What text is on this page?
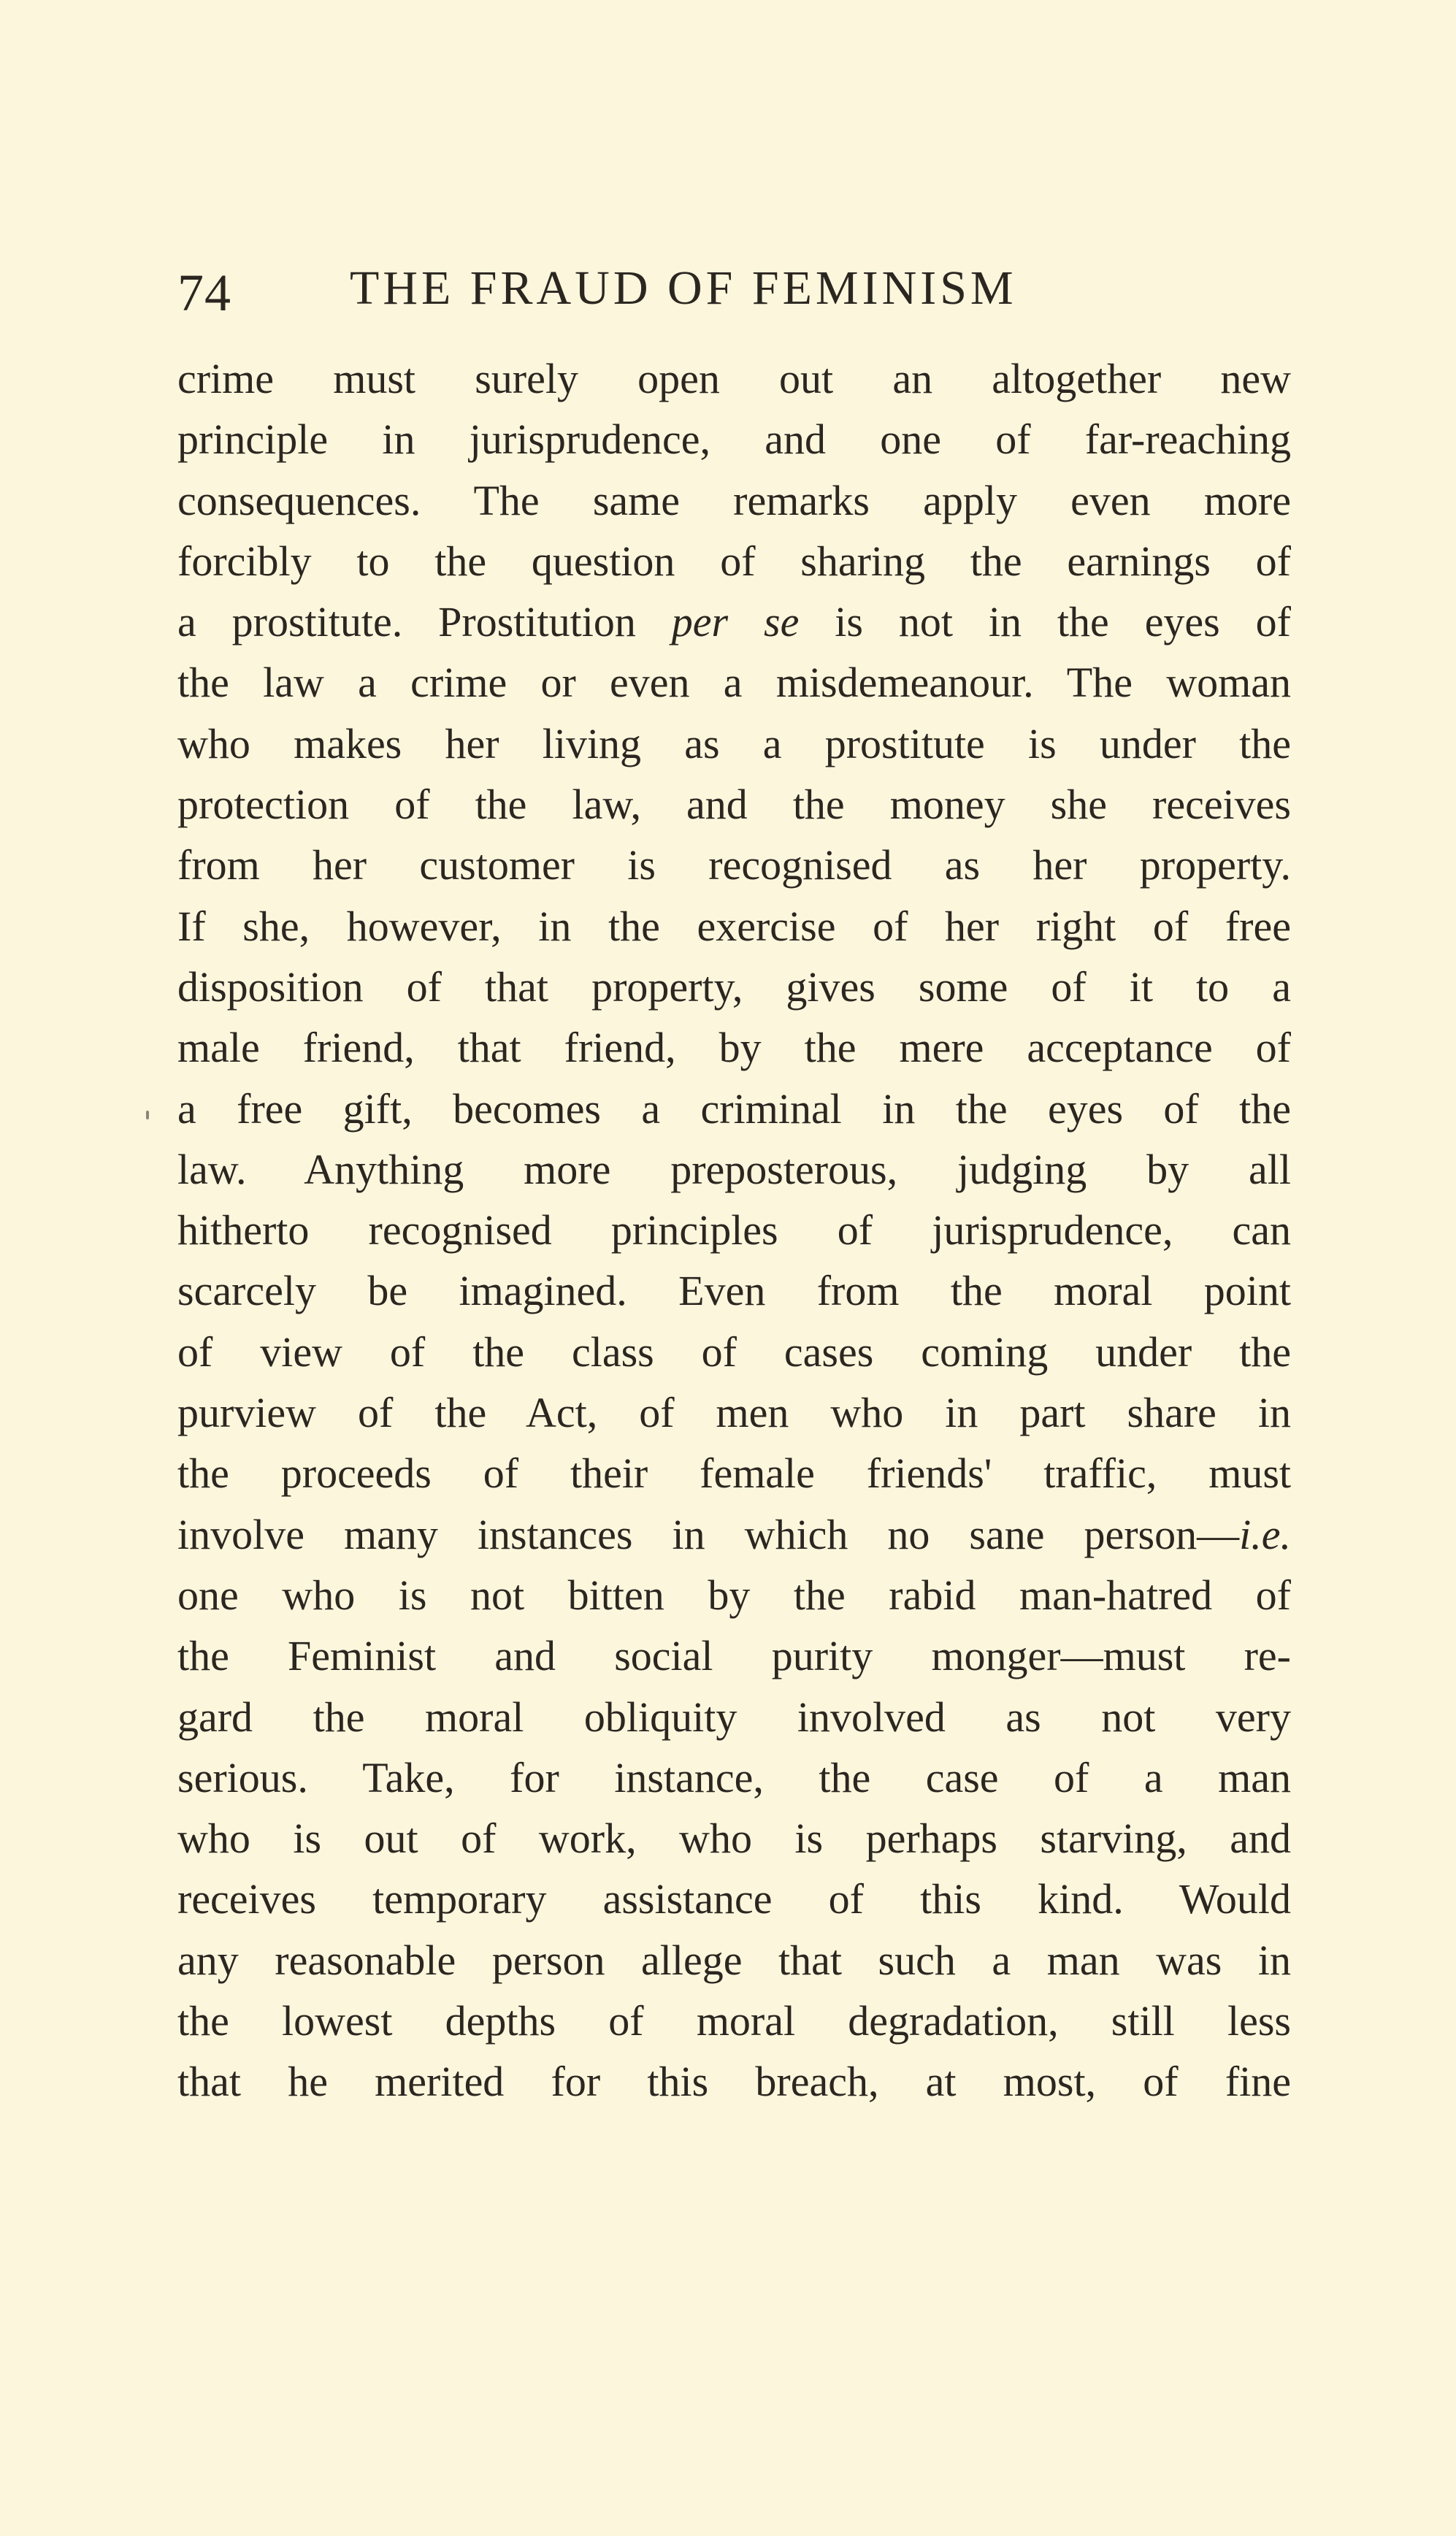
74 THE FRAUD OF FEMINISM
crime must surely open out an altogether new
principle in jurisprudence, and one of far-reaching
consequences. The same remarks apply even more
forcibly to the question of sharing the earnings of
a prostitute. Prostitution per se is not in the eyes of
the law a crime or even a misdemeanour. The woman
who makes her living as a prostitute is under the
protection of the law, and the money she receives
from her customer is recognised as her property.
If she, however, in the exercise of her right of free
disposition of that property, gives some of it to a
male friend, that friend, by the mere acceptance of
a free gift, becomes a criminal in the eyes of the
law. Anything more preposterous, judging by all
hitherto recognised principles of jurisprudence, can
scarcely be imagined. Even from the moral point
of view of the class of cases coming under the
purview of the Act, of men who in part share in
the proceeds of their female friends' traffic, must
involve many instances in which no sane person—i.e.
one who is not bitten by the rabid man-hatred of
the Feminist and social purity monger—must re-
gard the moral obliquity involved as not very
serious. Take, for instance, the case of a man
who is out of work, who is perhaps starving, and
receives temporary assistance of this kind. Would
any reasonable person allege that such a man was in
the lowest depths of moral degradation, still less
that he merited for this breach, at most, of fine
